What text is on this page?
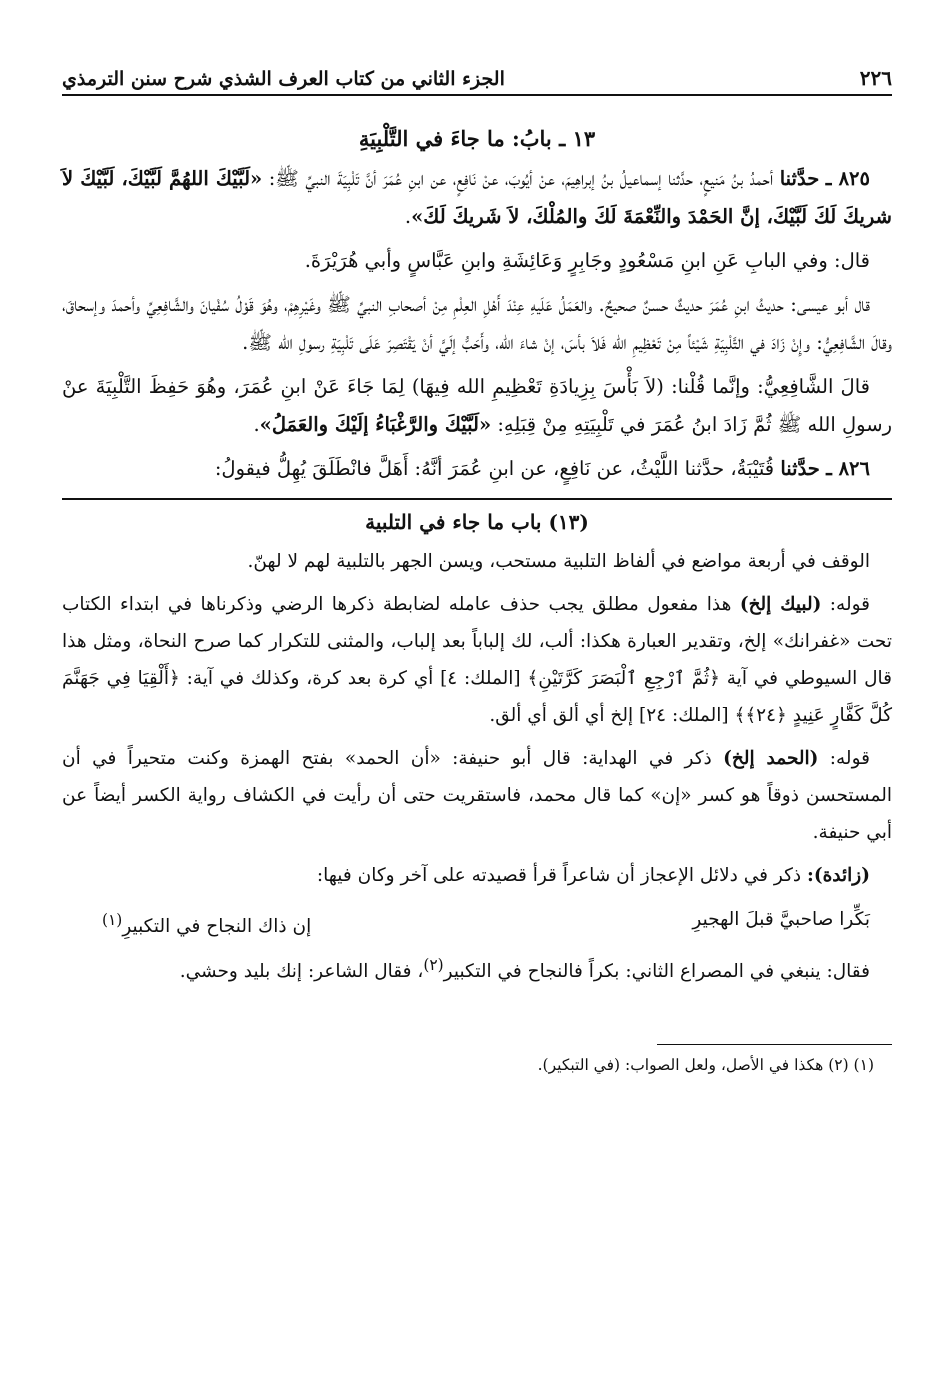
٢٢٦
الجزء الثاني من كتاب العرف الشذي شرح سنن الترمذي
١٣ ـ بابُ: ما جاءَ في التَّلْبِيَةِ

٨٢٥ ـ حدَّثنا أحمدُ بنُ مَنيعٍ، حدَّثنا إسماعيلُ بنُ إبراهِيمَ، عنْ أيُوبَ، عنْ نَافِعٍ، عن ابنِ عُمَرَ أنَّ تَلْبِيَةَ النبيِّ ﷺ: «لَبَّيْكَ اللهُمَّ لَبَّيْكَ، لَبَّيْكَ لاَ شريكَ لَكَ لَبَّيْكَ، إنَّ الحَمْدَ والنِّعْمَةَ لَكَ والمُلْكَ، لاَ شَريكَ لَكَ».

قال: وفي البابِ عَنِ ابنِ مَسْعُودٍ وجَابِرٍ وَعَائِشَةِ وابنِ عَبَّاسٍ وأبي هُرَيْرَةَ.

قال أبو عيسى: حديثُ ابنِ عُمَرَ حديثٌ حسنٌ صحيحٌ. والعَمَلُ عَلَيهِ عِنْدَ أَهْلِ العِلْمِ مِنْ أصحابِ النبيِّ ﷺ وغَيْرِهِمْ، وهُوَ قَوْلُ سُفْيانَ والشَّافِعِيِّ وأحمدَ وإسحاقَ، وقالَ الشَّافِعِيُّ: وإِنْ زَادَ في التَّلْبِيَةِ شَيْئاً مِنْ تَعْظِيمِ الله فَلاَ بأسَ، إنْ شاءَ الله، وأَحَبُّ إلَيَّ أنْ يَقْتَصِرَ عَلَى تَلْبِيَةِ رسولِ الله ﷺ.

قالَ الشَّافِعِيُّ: وإنَّما قُلْنا: (لاَ بَأْسَ بِزِيادَةِ تَعْظِيمِ الله فِيهَا) لِمَا جَاءَ عَنْ ابنِ عُمَرَ، وهُوَ حَفِظَ التَّلْبِيَةَ عنْ رسولِ الله ﷺ ثُمَّ زَادَ ابنُ عُمَرَ في تَلْبِيَتِهِ مِنْ قِبَلِهِ: «لَبَّيْكَ والرَّغْبَاءُ إلَيْكَ والعَمَلُ».

٨٢٦ ـ حدَّثنا قُتَيْبَةُ، حدَّثنا اللَّيْثُ، عن نَافِعٍ، عن ابنِ عُمَرَ أنَّهُ: أَهَلَّ فانْطَلَقَ يُهِلُّ فيقولُ:

(١٣) باب ما جاء في التلبية

الوقف في أربعة مواضع في ألفاظ التلبية مستحب، ويسن الجهر بالتلبية لهم لا لهنّ.

قوله: (لبيك إلخ) هذا مفعول مطلق يجب حذف عامله لضابطة ذكرها الرضي وذكرناها في ابتداء الكتاب تحت «غفرانك» إلخ، وتقدير العبارة هكذا: ألب، لك إلباباً بعد إلباب، والمثنى للتكرار كما صرح النحاة، ومثل هذا قال السيوطي في آية ﴿ثُمَّ ٱرْجِعِ ٱلْبَصَرَ كَرَّتَيْنِ﴾ [الملك: ٤] أي كرة بعد كرة، وكذلك في آية: ﴿أَلْقِيَا فِي جَهَنَّمَ كُلَّ كَفَّارٍ عَنِيدٍ ﴿٢٤﴾﴾ [الملك: ٢٤] إلخ أي ألق أي ألق.

قوله: (الحمد إلخ) ذكر في الهداية: قال أبو حنيفة: «أن الحمد» بفتح الهمزة وكنت متحيراً في أن المستحسن ذوقاً هو كسر «إن» كما قال محمد، فاستقريت حتى أن رأيت في الكشاف رواية الكسر أيضاً عن أبي حنيفة.

(زائدة): ذكر في دلائل الإعجاز أن شاعراً قرأ قصيدته على آخر وكان فيها:

بَكِّرا صاحبيَّ قبلَ الهجيرِ
إن ذاك النجاح في التكبيرِ$^{(١)}$

فقال: ينبغي في المصراع الثاني: بكراً فالنجاح في التكبير$^{(٢)}$، فقال الشاعر: إنك بليد وحشي.

(١) (٢) هكذا في الأصل، ولعل الصواب: (في التبكير).
